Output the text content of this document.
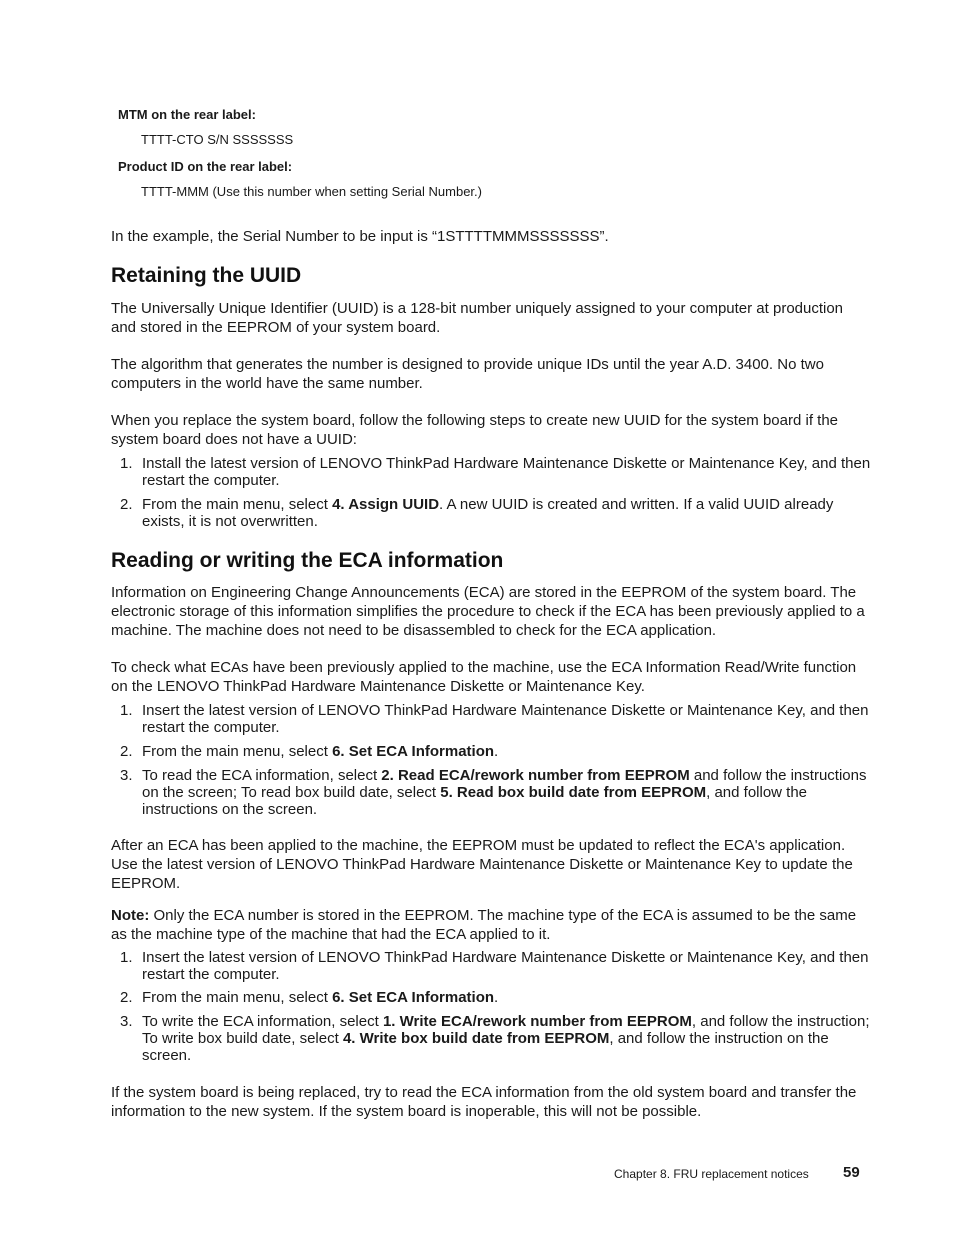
MTM on the rear label:
TTTT-CTO S/N SSSSSSS
Product ID on the rear label:
TTTT-MMM (Use this number when setting Serial Number.)
In the example, the Serial Number to be input is “1STTTTMMMSSSSSSS”.
Retaining the UUID
The Universally Unique Identifier (UUID) is a 128-bit number uniquely assigned to your computer at production and stored in the EEPROM of your system board.
The algorithm that generates the number is designed to provide unique IDs until the year A.D. 3400. No two computers in the world have the same number.
When you replace the system board, follow the following steps to create new UUID for the system board if the system board does not have a UUID:
1. Install the latest version of LENOVO ThinkPad Hardware Maintenance Diskette or Maintenance Key, and then restart the computer.
2. From the main menu, select 4. Assign UUID. A new UUID is created and written. If a valid UUID already exists, it is not overwritten.
Reading or writing the ECA information
Information on Engineering Change Announcements (ECA) are stored in the EEPROM of the system board. The electronic storage of this information simplifies the procedure to check if the ECA has been previously applied to a machine. The machine does not need to be disassembled to check for the ECA application.
To check what ECAs have been previously applied to the machine, use the ECA Information Read/Write function on the LENOVO ThinkPad Hardware Maintenance Diskette or Maintenance Key.
1. Insert the latest version of LENOVO ThinkPad Hardware Maintenance Diskette or Maintenance Key, and then restart the computer.
2. From the main menu, select 6. Set ECA Information.
3. To read the ECA information, select 2. Read ECA/rework number from EEPROM and follow the instructions on the screen; To read box build date, select 5. Read box build date from EEPROM, and follow the instructions on the screen.
After an ECA has been applied to the machine, the EEPROM must be updated to reflect the ECA's application. Use the latest version of LENOVO ThinkPad Hardware Maintenance Diskette or Maintenance Key to update the EEPROM.
Note: Only the ECA number is stored in the EEPROM. The machine type of the ECA is assumed to be the same as the machine type of the machine that had the ECA applied to it.
1. Insert the latest version of LENOVO ThinkPad Hardware Maintenance Diskette or Maintenance Key, and then restart the computer.
2. From the main menu, select 6. Set ECA Information.
3. To write the ECA information, select 1. Write ECA/rework number from EEPROM, and follow the instruction; To write box build date, select 4. Write box build date from EEPROM, and follow the instruction on the screen.
If the system board is being replaced, try to read the ECA information from the old system board and transfer the information to the new system. If the system board is inoperable, this will not be possible.
Chapter 8. FRU replacement notices 59
